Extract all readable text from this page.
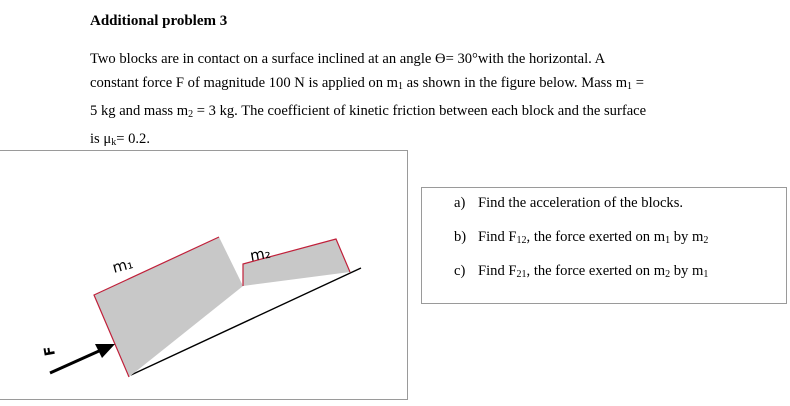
Additional problem 3
Two blocks are in contact on a surface inclined at an angle ϴ= 30°with the horizontal. A
constant force F of magnitude 100 N is applied on $m_1$ as shown in the figure below. Mass $m_1$ =
5 kg and mass $m_2 = 3$ kg. The coefficient of kinetic friction between each block and the surface
is $\mu_k= 0.2$.
m₁	m₂
F
a) Find the acceleration of the blocks.
b) Find $F_{12}$, the force exerted on $m_1$ by $m_2$
c) Find $F_{21}$, the force exerted on $m_2$ by $m_1$
